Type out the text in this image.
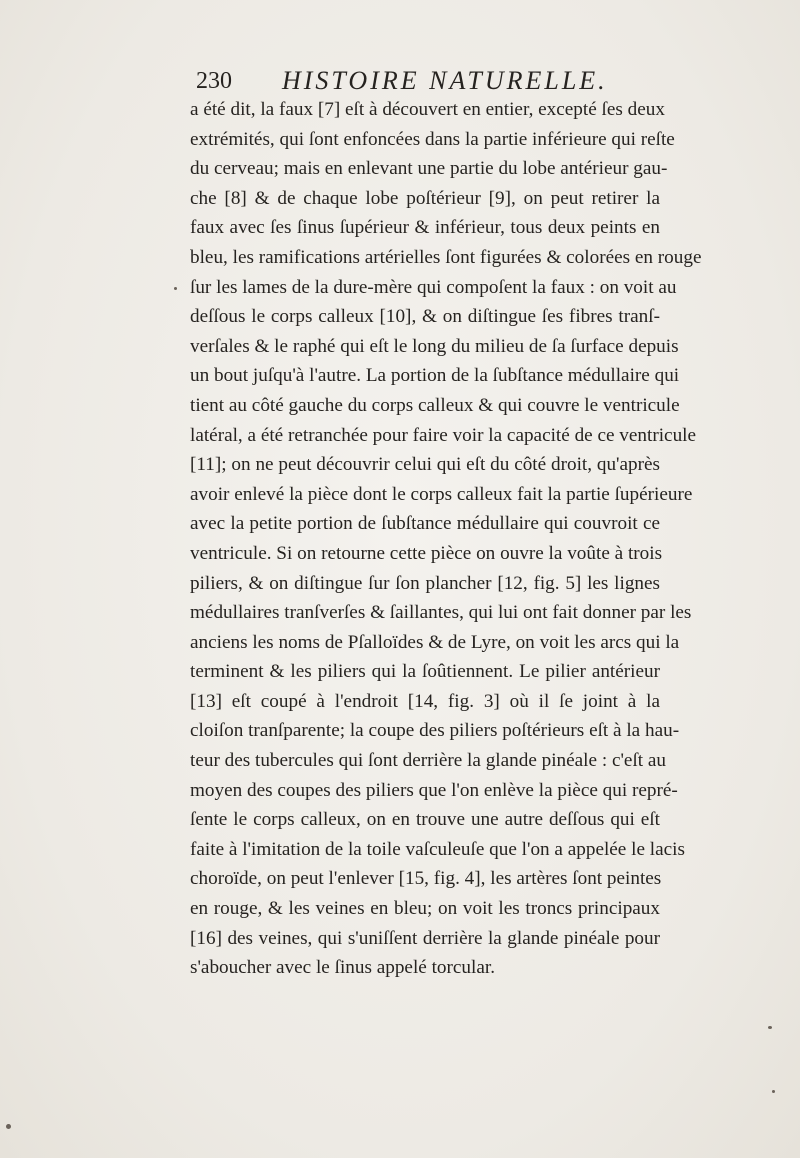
230 HISTOIRE NATURELLE.
a été dit, la faux [7] eſt à découvert en entier, excepté ſes deux
extrémités, qui ſont enfoncées dans la partie inférieure qui reſte
du cerveau; mais en enlevant une partie du lobe antérieur gau-
che [8] & de chaque lobe poſtérieur [9], on peut retirer la
faux avec ſes ſinus ſupérieur & inférieur, tous deux peints en
bleu, les ramifications artérielles ſont figurées & colorées en rouge
ſur les lames de la dure-mère qui compoſent la faux : on voit au
deſſous le corps calleux [10], & on diſtingue ſes fibres tranſ-
verſales & le raphé qui eſt le long du milieu de ſa ſurface depuis
un bout juſqu'à l'autre. La portion de la ſubſtance médullaire qui
tient au côté gauche du corps calleux & qui couvre le ventricule
latéral, a été retranchée pour faire voir la capacité de ce ventricule
[11]; on ne peut découvrir celui qui eſt du côté droit, qu'après
avoir enlevé la pièce dont le corps calleux fait la partie ſupérieure
avec la petite portion de ſubſtance médullaire qui couvroit ce
ventricule. Si on retourne cette pièce on ouvre la voûte à trois
piliers, & on diſtingue ſur ſon plancher [12, fig. 5] les lignes
médullaires tranſverſes & ſaillantes, qui lui ont fait donner par les
anciens les noms de Pſalloïdes & de Lyre, on voit les arcs qui la
terminent & les piliers qui la ſoûtiennent. Le pilier antérieur
[13] eſt coupé à l'endroit [14, fig. 3] où il ſe joint à la
cloiſon tranſparente; la coupe des piliers poſtérieurs eſt à la hau-
teur des tubercules qui ſont derrière la glande pinéale : c'eſt au
moyen des coupes des piliers que l'on enlève la pièce qui repré-
ſente le corps calleux, on en trouve une autre deſſous qui eſt
faite à l'imitation de la toile vaſculeuſe que l'on a appelée le lacis
choroïde, on peut l'enlever [15, fig. 4], les artères ſont peintes
en rouge, & les veines en bleu; on voit les troncs principaux
[16] des veines, qui s'uniſſent derrière la glande pinéale pour
s'aboucher avec le ſinus appelé torcular.
